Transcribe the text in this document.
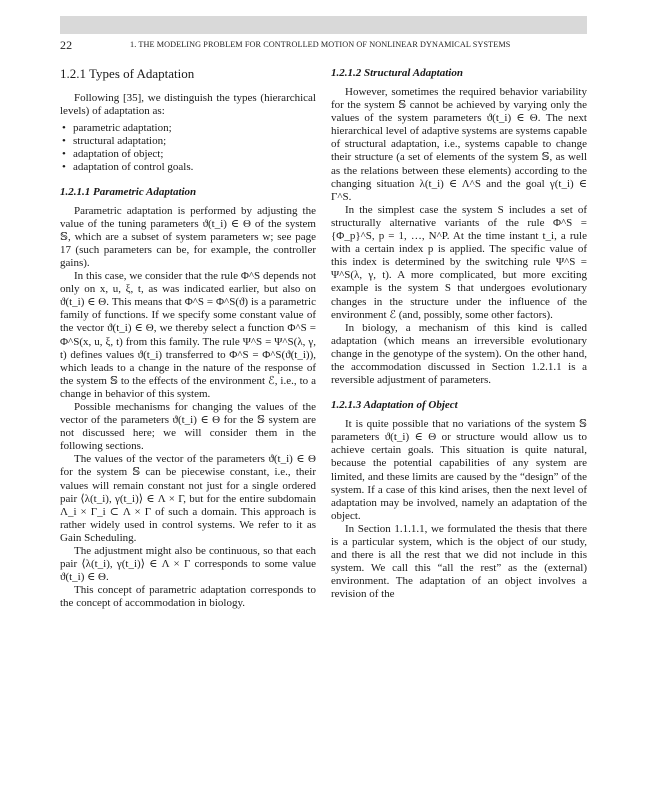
22	1. THE MODELING PROBLEM FOR CONTROLLED MOTION OF NONLINEAR DYNAMICAL SYSTEMS
1.2.1 Types of Adaptation

Following [35], we distinguish the types (hierarchical levels) of adaptation as:

• parametric adaptation;
• structural adaptation;
• adaptation of object;
• adaptation of control goals.
1.2.1.1 Parametric Adaptation

Parametric adaptation is performed by adjusting the value of the tuning parameters ϑ(t_i) ∈ Θ of the system 𝕊, which are a subset of system parameters w; see page 17 (such parameters can be, for example, the controller gains).

In this case, we consider that the rule Φ^S depends not only on x, u, ξ, t, as was indicated earlier, but also on ϑ(t_i) ∈ Θ. This means that Φ^S = Φ^S(ϑ) is a parametric family of functions. If we specify some constant value of the vector ϑ(t_i) ∈ Θ, we thereby select a function Φ^S = Φ^S(x, u, ξ, t) from this family. The rule Ψ^S = Ψ^S(λ, γ, t) defines values ϑ(t_i) transferred to Φ^S = Φ^S(ϑ(t_i)), which leads to a change in the nature of the response of the system 𝕊 to the effects of the environment ℰ, i.e., to a change in behavior of this system.

Possible mechanisms for changing the values of the vector of the parameters ϑ(t_i) ∈ Θ for the 𝕊 system are not discussed here; we will consider them in the following sections.

The values of the vector of the parameters ϑ(t_i) ∈ Θ for the system 𝕊 can be piecewise constant, i.e., their values will remain constant not just for a single ordered pair ⟨λ(t_i), γ(t_i)⟩ ∈ Λ × Γ, but for the entire subdomain Λ_i × Γ_i ⊂ Λ × Γ of such a domain. This approach is rather widely used in control systems. We refer to it as Gain Scheduling.

The adjustment might also be continuous, so that each pair ⟨λ(t_i), γ(t_i)⟩ ∈ Λ × Γ corresponds to some value ϑ(t_i) ∈ Θ.

This concept of parametric adaptation corresponds to the concept of accommodation in biology.

1.2.1.2 Structural Adaptation

However, sometimes the required behavior variability for the system 𝕊 cannot be achieved by varying only the values of the system parameters ϑ(t_i) ∈ Θ. The next hierarchical level of adaptive systems are systems capable of structural adaptation, i.e., systems capable to change their structure (a set of elements of the system 𝕊, as well as the relations between these elements) according to the changing situation λ(t_i) ∈ Λ^S and the goal γ(t_i) ∈ Γ^S.

In the simplest case the system S includes a set of structurally alternative variants of the rule Φ^S = {Φ_p}^S, p = 1, …, N^P. At the time instant t_i, a rule with a certain index p is applied. The specific value of this index is determined by the switching rule Ψ^S = Ψ^S(λ, γ, t). A more complicated, but more exciting example is the system S that undergoes evolutionary changes in the structure under the influence of the environment ℰ (and, possibly, some other factors).

In biology, a mechanism of this kind is called adaptation (which means an irreversible evolutionary change in the genotype of the system). On the other hand, the accommodation discussed in Section 1.2.1.1 is a reversible adjustment of parameters.

1.2.1.3 Adaptation of Object

It is quite possible that no variations of the system 𝕊 parameters ϑ(t_i) ∈ Θ or structure would allow us to achieve certain goals. This situation is quite natural, because the potential capabilities of any system are limited, and these limits are caused by the “design” of the system. If a case of this kind arises, then the next level of adaptation may be involved, namely an adaptation of the object.

In Section 1.1.1.1, we formulated the thesis that there is a particular system, which is the object of our study, and there is all the rest that we did not include in this system. We call this “all the rest” as the (external) environment. The adaptation of an object involves a revision of the
